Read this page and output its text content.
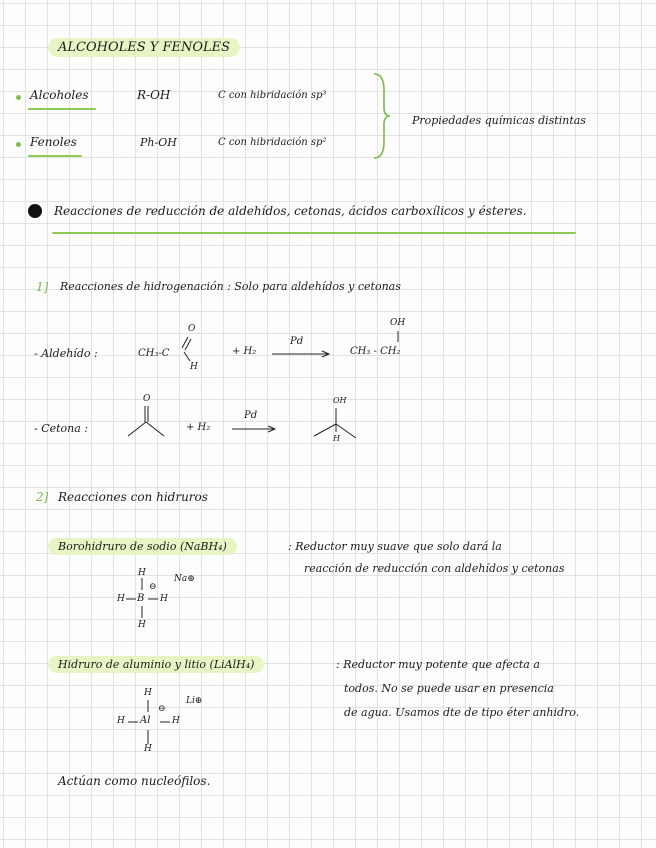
ALCOHOLES Y FENOLES
Alcoholes	R-OH	C con hibridación sp³
Fenoles	Ph-OH	C con hibridación sp²
Propiedades químicas distintas
Reacciones de reducción de aldehídos, cetonas, ácidos carboxílicos y ésteres.
1] Reacciones de hidrogenación : Solo para aldehídos y cetonas
- Aldehído :	CH₃-C
O
H
+ H₂
Pd
→ CH₃ - CH₂
OH
- Cetona :
O
+ H₂
Pd
OH
H
2] Reacciones con hidruros
Borohidruro de sodio (NaBH₄)	: Reductor muy suave que solo dará la
reacción de reducción con aldehídos y cetonas
H
⊖
H B H
H
Na⊕
Hidruro de aluminio y litio (LiAlH₄)	: Reductor muy potente que afecta a
todos. No se puede usar en presencia
de agua. Usamos dte de tipo éter anhidro.
H
⊖
H Al H
H
Li⊕
Actúan como nucleófilos.
